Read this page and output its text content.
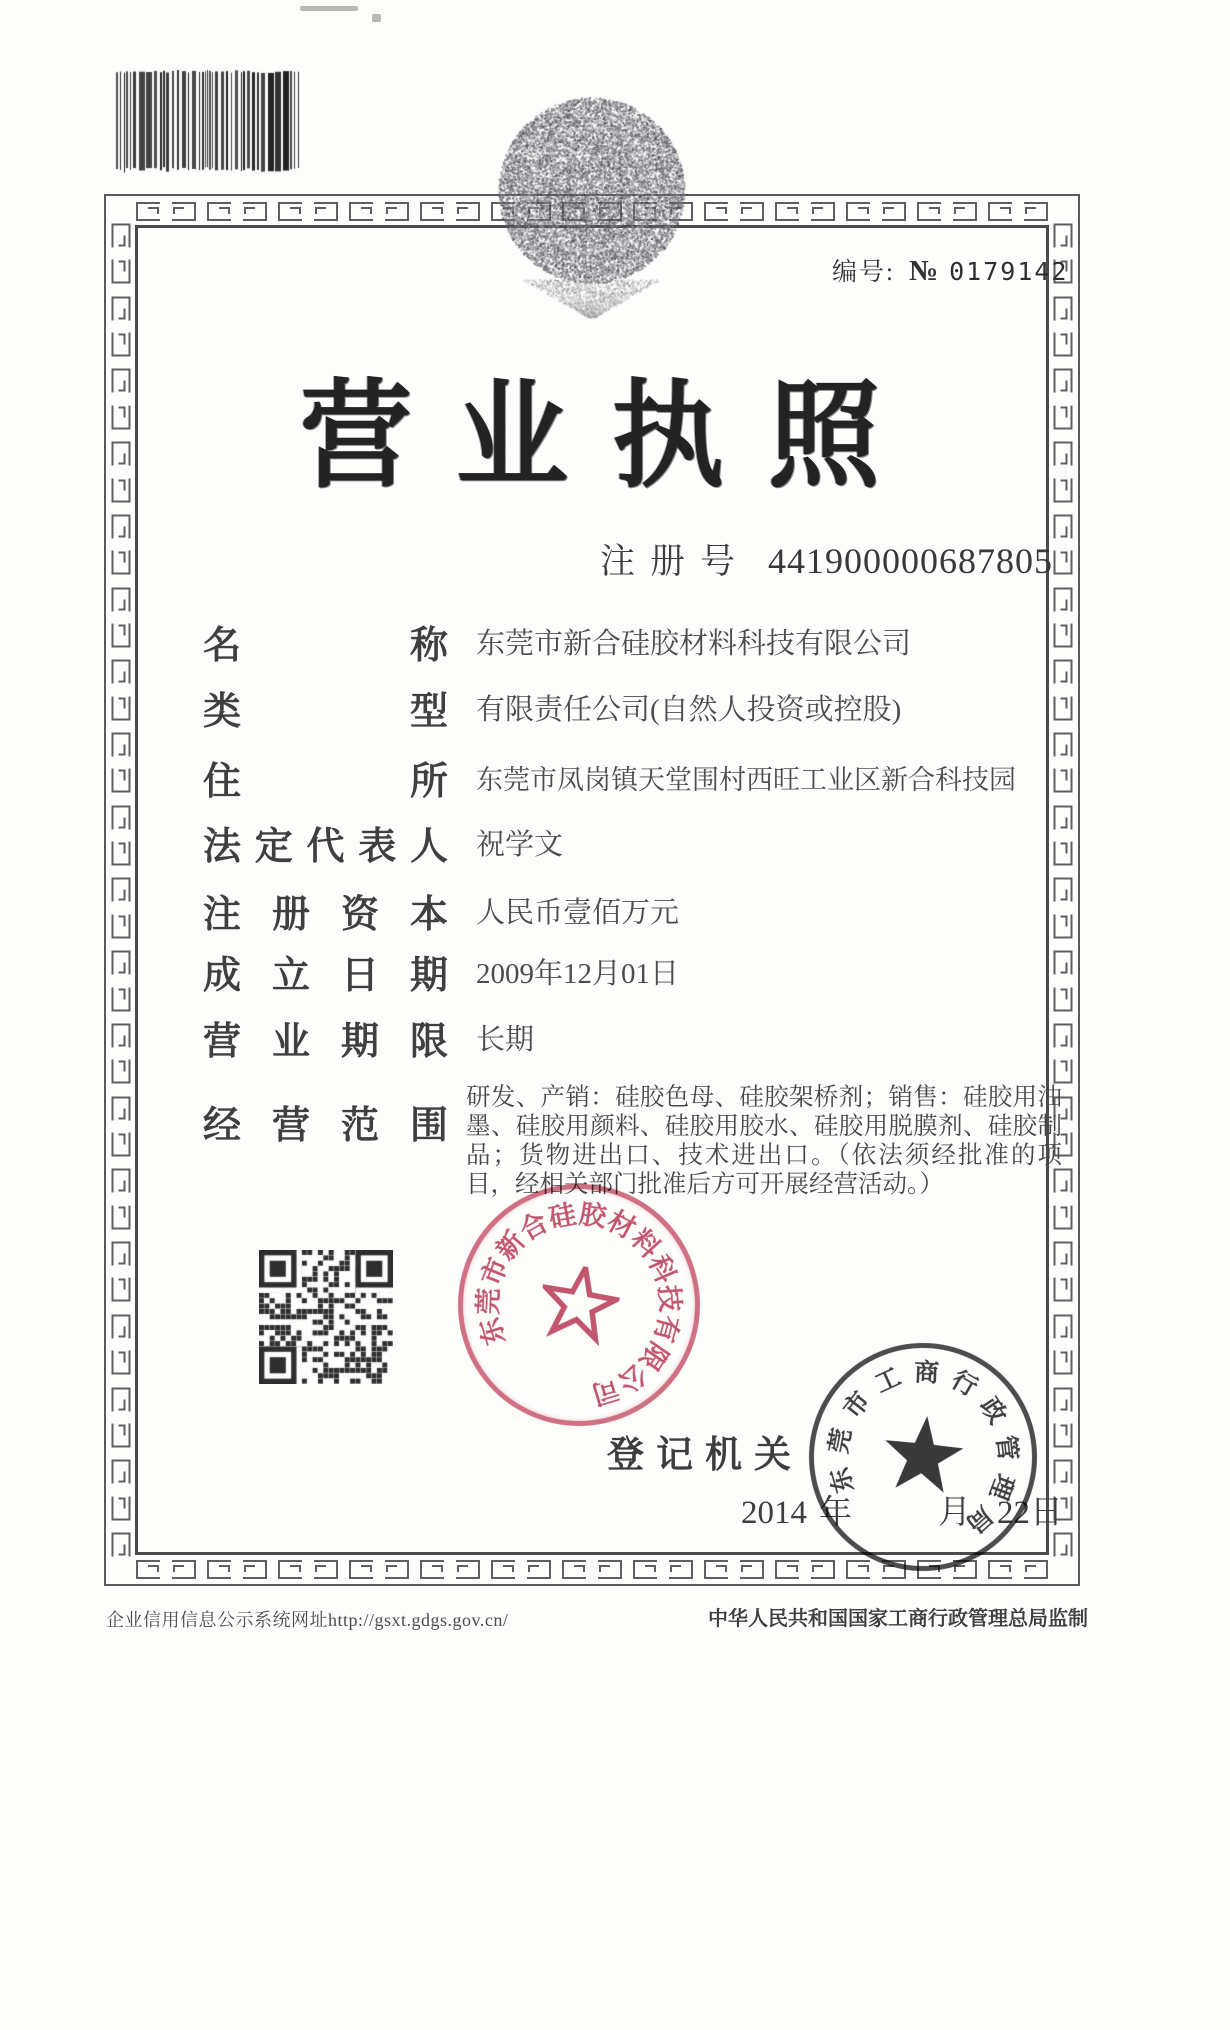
编号: № 0179142
营业执照
注册号 441900000687805
名	称 东莞市新合硅胶材料科技有限公司
类	型 有限责任公司(自然人投资或控股)
住	所 东莞市凤岗镇天堂围村西旺工业区新合科技园
法 定 代 表 人 祝学文
注 册 资 本 人民币壹佰万元
成 立 日 期 2009年12月01日
营 业 期 限 长期
经 营 范 围
研发、产销：硅胶色母、硅胶架桥剂；销售：硅胶用油墨、硅胶用颜料、硅胶用胶水、硅胶用脱膜剂、硅胶制品；货物进出口、技术进出口。（依法须经批准的项目，经相关部门批准后方可开展经营活动。）
东
莞
市
新
合
硅
胶
材
料
科
技
有
限
公
司
登 记 机 关
2014 年	月 22日
东
莞
市
工 商 行
政
管
理
局
企业信用信息公示系统网址http://gsxt.gdgs.gov.cn/	中华人民共和国国家工商行政管理总局监制
